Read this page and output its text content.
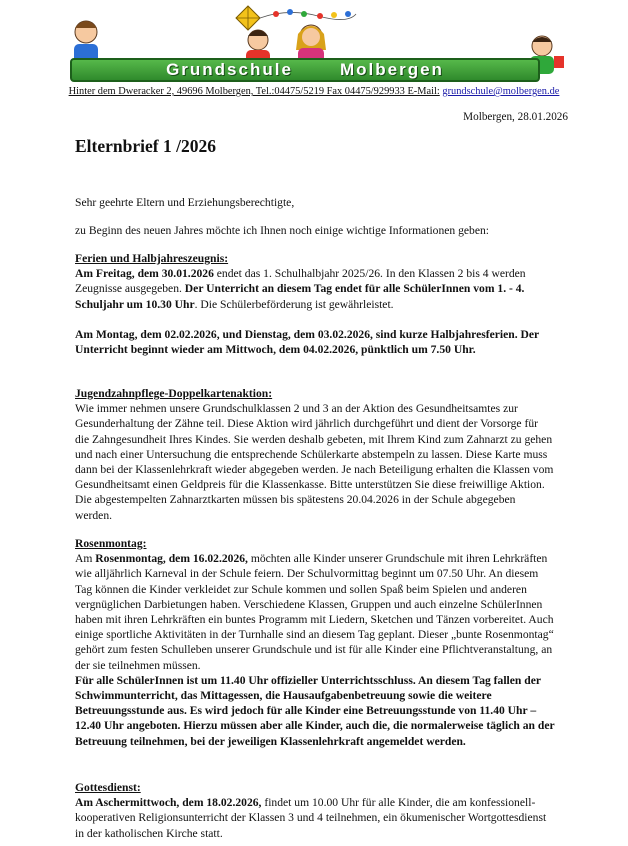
Grundschule	Molbergen
Hinter dem Dweracker 2, 49696 Molbergen, Tel.:04475/5219 Fax 04475/929933 E-Mail: grundschule@molbergen.de
Molbergen, 28.01.2026
Elternbrief 1 /2026
Sehr geehrte Eltern und Erziehungsberechtigte,
zu Beginn des neuen Jahres möchte ich Ihnen noch einige wichtige Informationen geben:

Ferien und Halbjahreszeugnis:

Am Freitag, dem 30.01.2026 endet das 1. Schulhalbjahr 2025/26. In den Klassen 2 bis 4 werden Zeugnisse ausgegeben. Der Unterricht an diesem Tag endet für alle SchülerInnen vom 1. - 4. Schuljahr um 10.30 Uhr. Die Schülerbeförderung ist gewährleistet.

Am Montag, dem 02.02.2026, und Dienstag, dem 03.02.2026, sind kurze Halbjahresferien. Der Unterricht beginnt wieder am Mittwoch, dem 04.02.2026, pünktlich um 7.50 Uhr.

Jugendzahnpflege-Doppelkartenaktion:

Wie immer nehmen unsere Grundschulklassen 2 und 3 an der Aktion des Gesundheitsamtes zur Gesunderhaltung der Zähne teil. Diese Aktion wird jährlich durchgeführt und dient der Vorsorge für die Zahngesundheit Ihres Kindes. Sie werden deshalb gebeten, mit Ihrem Kind zum Zahnarzt zu gehen und nach einer Untersuchung die entsprechende Schülerkarte abstempeln zu lassen. Diese Karte muss dann bei der Klassenlehrkraft wieder abgegeben werden. Je nach Beteiligung erhalten die Klassen vom Gesundheitsamt einen Geldpreis für die Klassenkasse. Bitte unterstützen Sie diese freiwillige Aktion. Die abgestempelten Zahnarztkarten müssen bis spätestens 20.04.2026 in der Schule abgegeben werden.

Rosenmontag:

Am Rosenmontag, dem 16.02.2026, möchten alle Kinder unserer Grundschule mit ihren Lehrkräften wie alljährlich Karneval in der Schule feiern. Der Schulvormittag beginnt um 07.50 Uhr. An diesem Tag können die Kinder verkleidet zur Schule kommen und sollen Spaß beim Spielen und anderen vergnüglichen Darbietungen haben. Verschiedene Klassen, Gruppen und auch einzelne SchülerInnen haben mit ihren Lehrkräften ein buntes Programm mit Liedern, Sketchen und Tänzen vorbereitet. Auch einige sportliche Aktivitäten in der Turnhalle sind an diesem Tag geplant. Dieser „bunte Rosenmontag“ gehört zum festen Schulleben unserer Grundschule und ist für alle Kinder eine Pflichtveranstaltung, an der sie teilnehmen müssen.

Für alle SchülerInnen ist um 11.40 Uhr offizieller Unterrichtsschluss. An diesem Tag fallen der Schwimmunterricht, das Mittagessen, die Hausaufgabenbetreuung sowie die weitere Betreuungsstunde aus. Es wird jedoch für alle Kinder eine Betreuungsstunde von 11.40 Uhr – 12.40 Uhr angeboten. Hierzu müssen aber alle Kinder, auch die, die normalerweise täglich an der Betreuung teilnehmen, bei der jeweiligen Klassenlehrkraft angemeldet werden.

Gottesdienst:

Am Aschermittwoch, dem 18.02.2026, findet um 10.00 Uhr für alle Kinder, die am konfessionell-kooperativen Religionsunterricht der Klassen 3 und 4 teilnehmen, ein ökumenischer Wortgottesdienst in der katholischen Kirche statt.
